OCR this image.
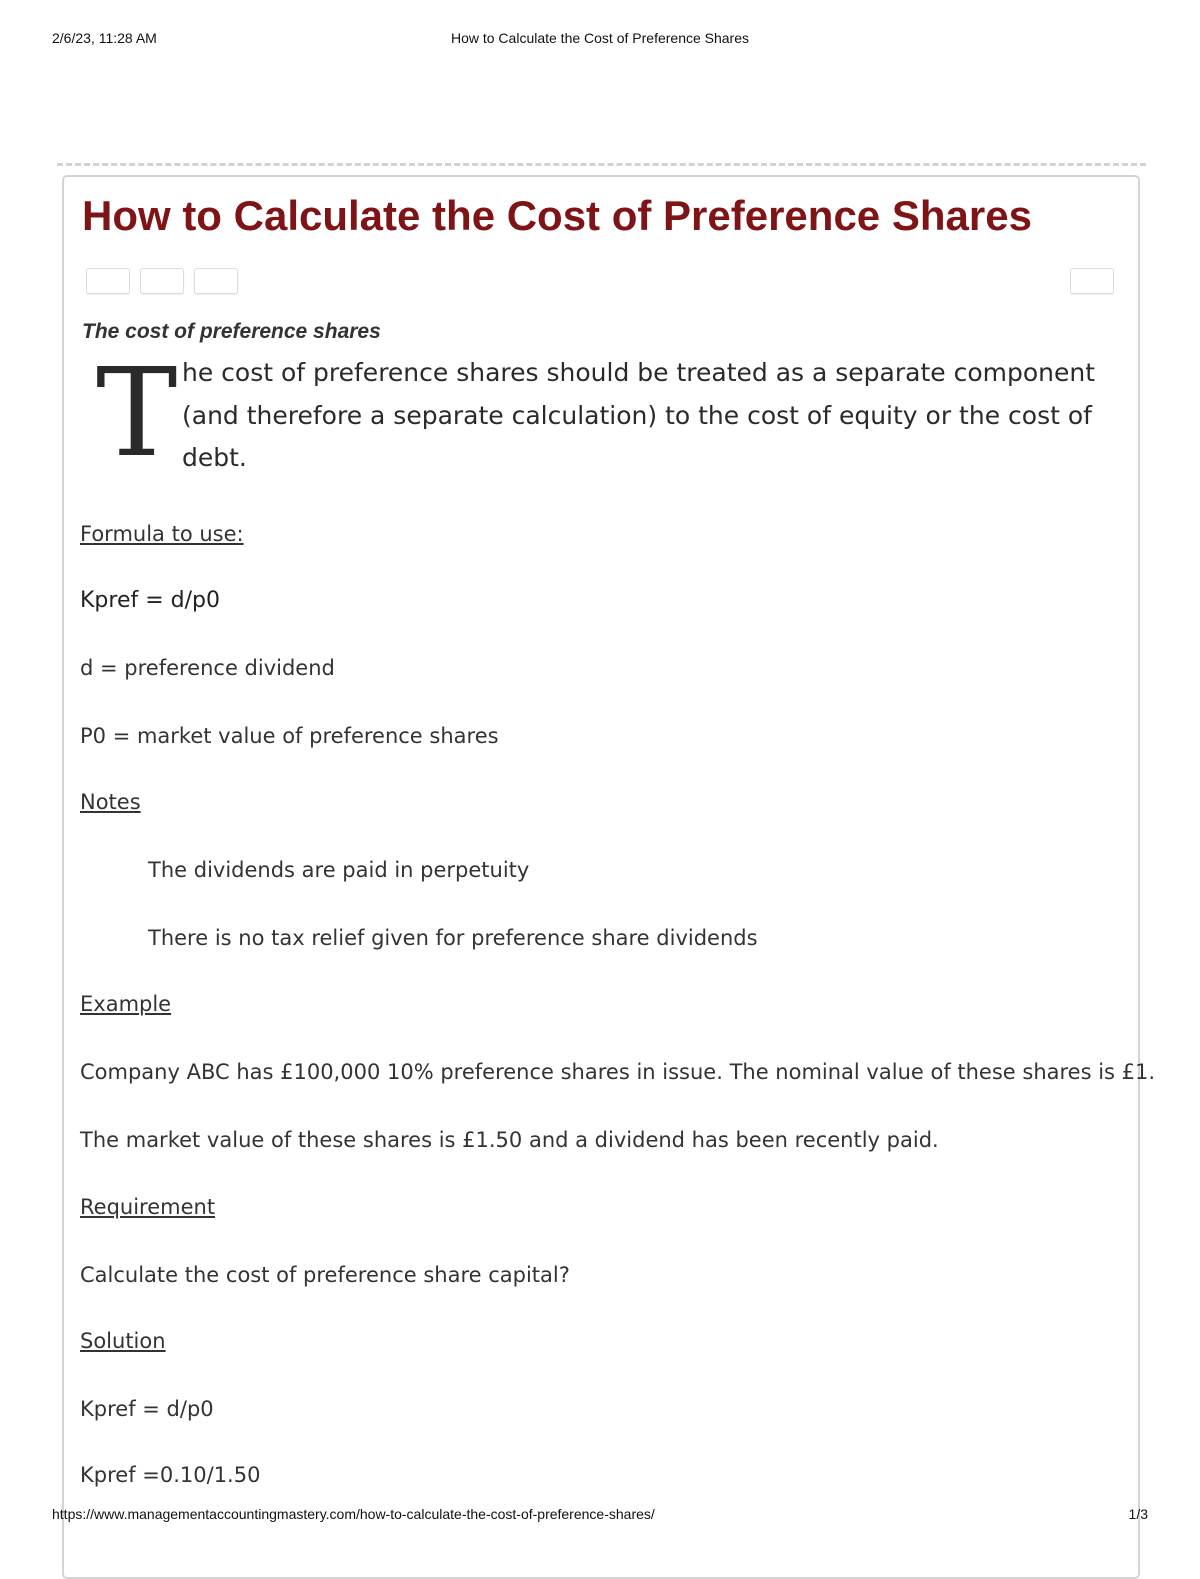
2/6/23, 11:28 AM	How to Calculate the Cost of Preference Shares
How to Calculate the Cost of Preference Shares
The cost of preference shares
T he cost of preference shares should be treated as a separate component (and therefore a separate calculation) to the cost of equity or the cost of debt.

Formula to use:

Kpref = d/p0

d = preference dividend

P0 = market value of preference shares

Notes

The dividends are paid in perpetuity

There is no tax relief given for preference share dividends

Example

Company ABC has £100,000 10% preference shares in issue. The nominal value of these shares is £1.

The market value of these shares is £1.50 and a dividend has been recently paid.

Requirement

Calculate the cost of preference share capital?

Solution

Kpref = d/p0

Kpref =0.10/1.50

https://www.managementaccountingmastery.com/how-to-calculate-the-cost-of-preference-shares/	1/3
